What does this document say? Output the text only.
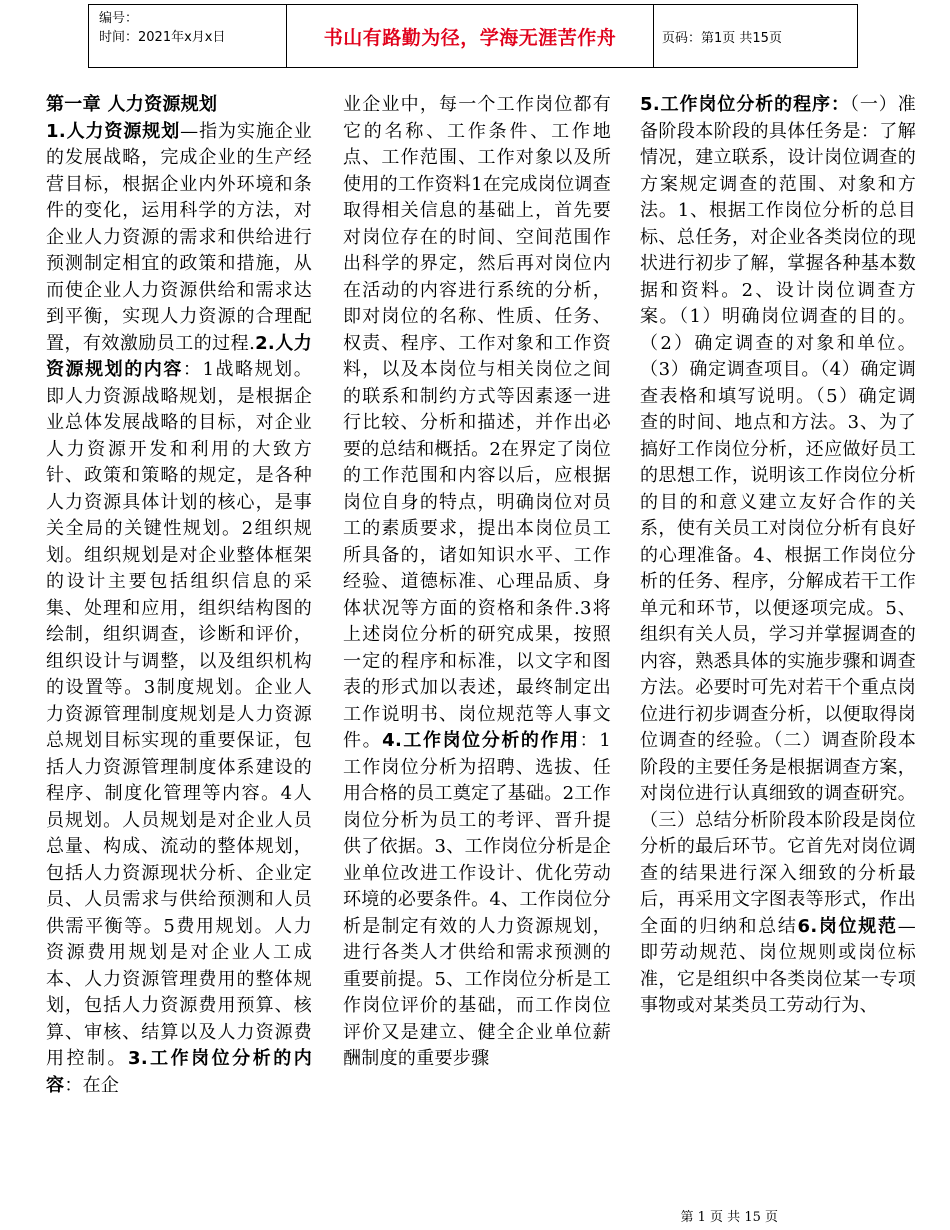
编号：
时间：2021年x月x日	书山有路勤为径，学海无涯苦作舟	页码：第1页 共15页
第一章 人力资源规划
1.人力资源规划—指为实施企业的发展战略，完成企业的生产经营目标，根据企业内外环境和条件的变化，运用科学的方法，对企业人力资源的需求和供给进行预测制定相宜的政策和措施，从而使企业人力资源供给和需求达到平衡，实现人力资源的合理配置，有效激励员工的过程.2.人力资源规划的内容：1战略规划。即人力资源战略规划，是根据企业总体发展战略的目标，对企业人力资源开发和利用的大致方针、政策和策略的规定，是各种人力资源具体计划的核心，是事关全局的关键性规划。2组织规划。组织规划是对企业整体框架的设计主要包括组织信息的采集、处理和应用，组织结构图的绘制，组织调查，诊断和评价，组织设计与调整，以及组织机构的设置等。3制度规划。企业人力资源管理制度规划是人力资源总规划目标实现的重要保证，包括人力资源管理制度体系建设的程序、制度化管理等内容。4人员规划。人员规划是对企业人员总量、构成、流动的整体规划，包括人力资源现状分析、企业定员、人员需求与供给预测和人员供需平衡等。5费用规划。人力资源费用规划是对企业人工成本、人力资源管理费用的整体规划，包括人力资源费用预算、核算、审核、结算以及人力资源费用控制。3.工作岗位分析的内容：在企
业企业中，每一个工作岗位都有它的名称、工作条件、工作地点、工作范围、工作对象以及所使用的工作资料1在完成岗位调查取得相关信息的基础上，首先要对岗位存在的时间、空间范围作出科学的界定，然后再对岗位内在活动的内容进行系统的分析，即对岗位的名称、性质、任务、权责、程序、工作对象和工作资料，以及本岗位与相关岗位之间的联系和制约方式等因素逐一进行比较、分析和描述，并作出必要的总结和概括。2在界定了岗位的工作范围和内容以后，应根据岗位自身的特点，明确岗位对员工的素质要求，提出本岗位员工所具备的，诸如知识水平、工作经验、道德标准、心理品质、身体状况等方面的资格和条件.3将上述岗位分析的研究成果，按照一定的程序和标准，以文字和图表的形式加以表述，最终制定出工作说明书、岗位规范等人事文件。4.工作岗位分析的作用：1工作岗位分析为招聘、选拔、任用合格的员工奠定了基础。2工作岗位分析为员工的考评、晋升提供了依据。3、工作岗位分析是企业单位改进工作设计、优化劳动环境的必要条件。4、工作岗位分析是制定有效的人力资源规划，进行各类人才供给和需求预测的重要前提。5、工作岗位分析是工作岗位评价的基础，而工作岗位评价又是建立、健全企业单位薪酬制度的重要步骤
5.工作岗位分析的程序：（一）准备阶段本阶段的具体任务是：了解情况，建立联系，设计岗位调查的方案规定调查的范围、对象和方法。1、根据工作岗位分析的总目标、总任务，对企业各类岗位的现状进行初步了解，掌握各种基本数据和资料。2、设计岗位调查方案。（1）明确岗位调查的目的。（2）确定调查的对象和单位。（3）确定调查项目。（4）确定调查表格和填写说明。（5）确定调查的时间、地点和方法。3、为了搞好工作岗位分析，还应做好员工的思想工作，说明该工作岗位分析的目的和意义建立友好合作的关系，使有关员工对岗位分析有良好的心理准备。4、根据工作岗位分析的任务、程序，分解成若干工作单元和环节，以便逐项完成。5、组织有关人员，学习并掌握调查的内容，熟悉具体的实施步骤和调查方法。必要时可先对若干个重点岗位进行初步调查分析，以便取得岗位调查的经验。（二）调查阶段本阶段的主要任务是根据调查方案，对岗位进行认真细致的调查研究。（三）总结分析阶段本阶段是岗位分析的最后环节。它首先对岗位调查的结果进行深入细致的分析最后，再采用文字图表等形式，作出全面的归纳和总结6.岗位规范—即劳动规范、岗位规则或岗位标准，它是组织中各类岗位某一专项事物或对某类员工劳动行为、
第 1 页 共 15 页
